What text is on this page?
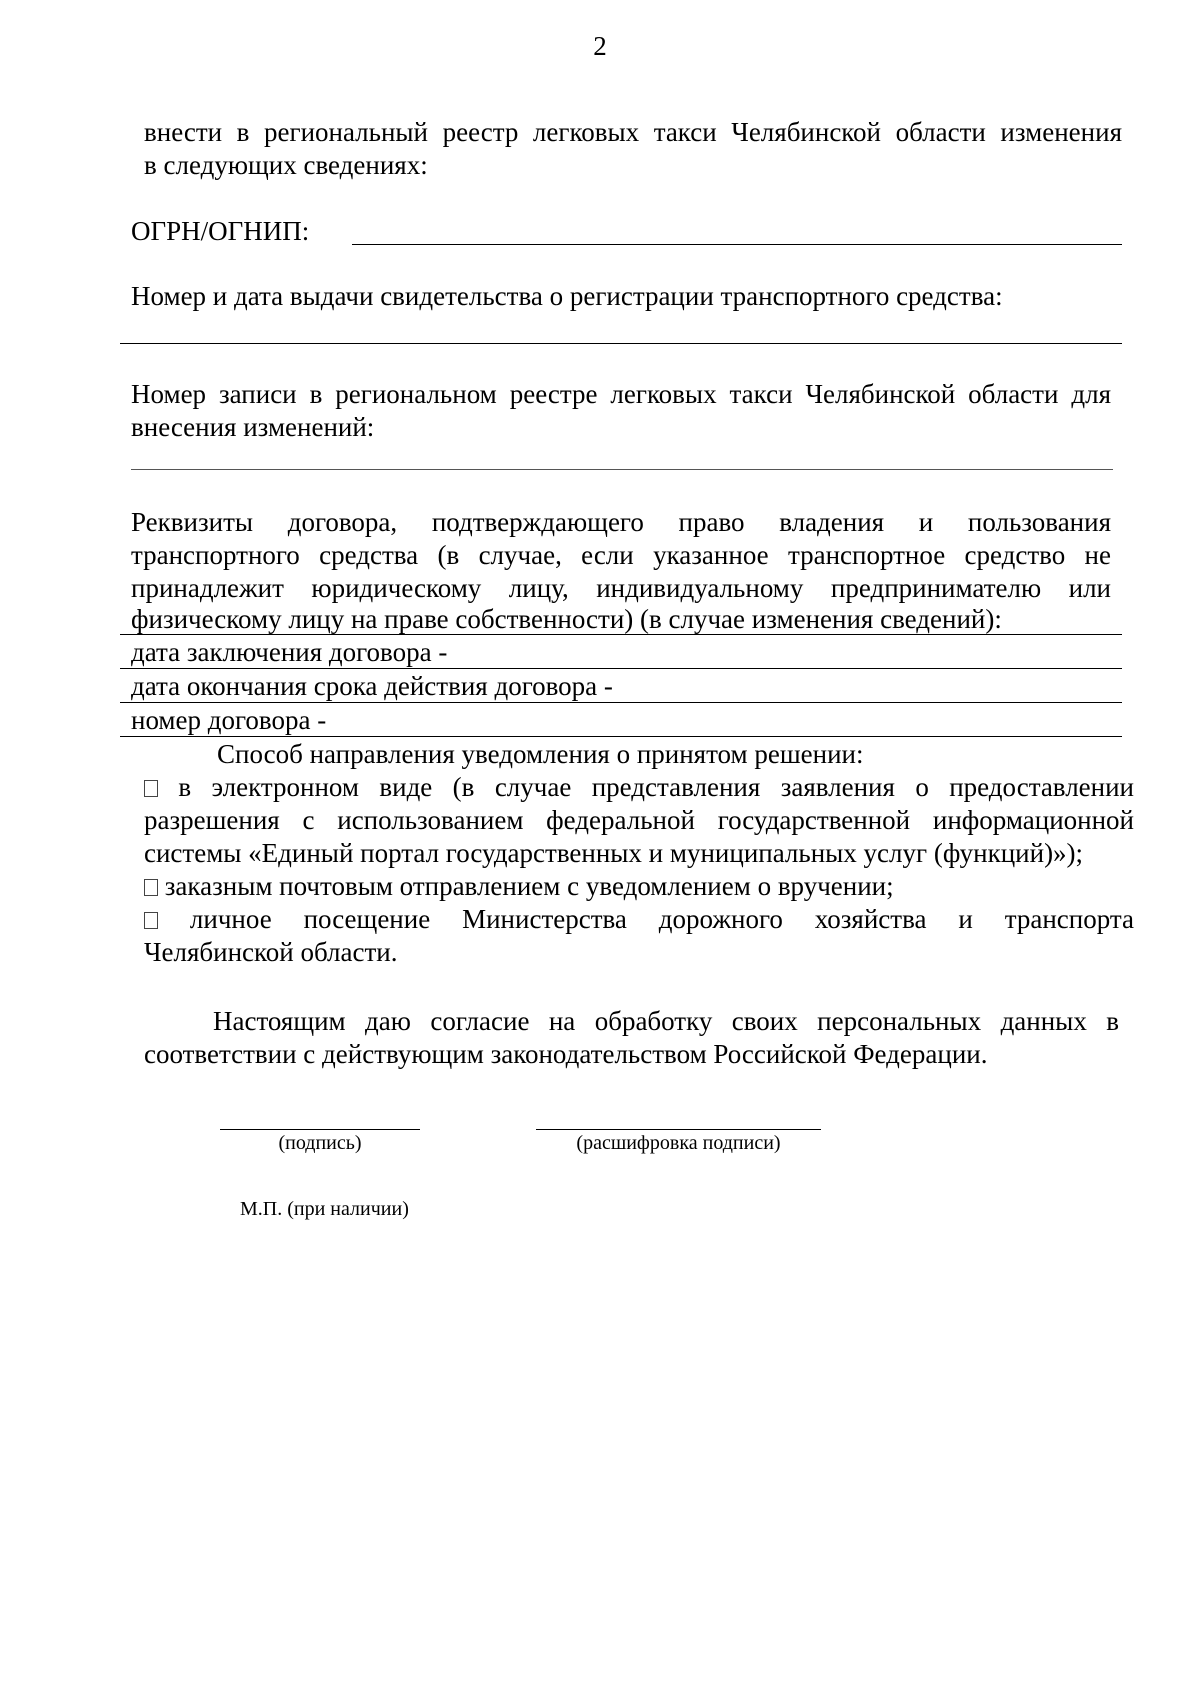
2
внести в региональный реестр легковых такси Челябинской области изменения
в следующих сведениях:
ОГРН/ОГНИП:
Номер и дата выдачи свидетельства о регистрации транспортного средства:
Номер записи в региональном реестре легковых такси Челябинской области для
внесения изменений:
Реквизиты договора, подтверждающего право владения и пользования
транспортного средства (в случае, если указанное транспортное средство не
принадлежит юридическому лицу, индивидуальному предпринимателю или
физическому лицу на праве собственности) (в случае изменения сведений):
дата заключения договора -
дата окончания срока действия договора -
номер договора -
Способ направления уведомления о принятом решении:
в электронном виде (в случае представления заявления о предоставлении
разрешения с использованием федеральной государственной информационной
системы «Единый портал государственных и муниципальных услуг (функций)»);
заказным почтовым отправлением с уведомлением о вручении;
личное посещение Министерства дорожного хозяйства и транспорта
Челябинской области.
Настоящим даю согласие на обработку своих персональных данных в
соответствии с действующим законодательством Российской Федерации.
(подпись)	(расшифровка подписи)
М.П. (при наличии)
